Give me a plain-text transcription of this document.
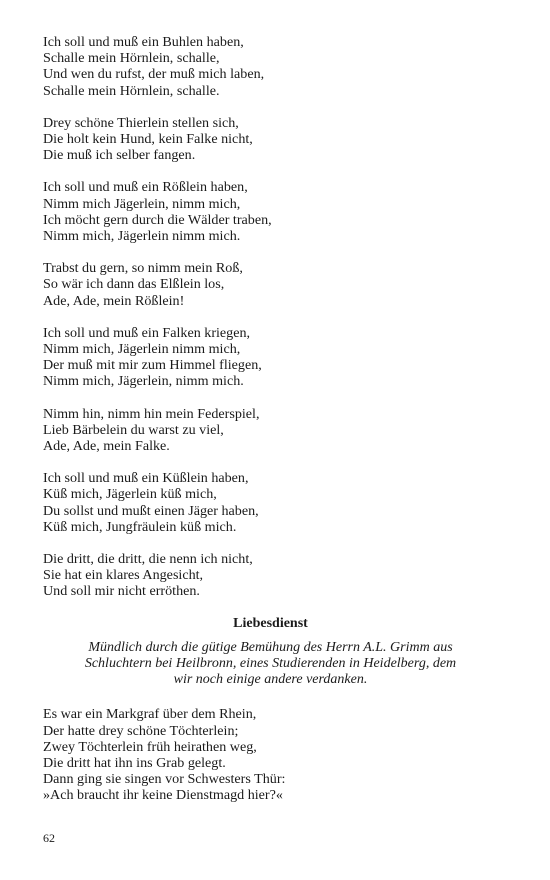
Ich soll und muß ein Buhlen haben,
Schalle mein Hörnlein, schalle,
Und wen du rufst, der muß mich laben,
Schalle mein Hörnlein, schalle.
Drey schöne Thierlein stellen sich,
Die holt kein Hund, kein Falke nicht,
Die muß ich selber fangen.
Ich soll und muß ein Rößlein haben,
Nimm mich Jägerlein, nimm mich,
Ich möcht gern durch die Wälder traben,
Nimm mich, Jägerlein nimm mich.
Trabst du gern, so nimm mein Roß,
So wär ich dann das Elßlein los,
Ade, Ade, mein Rößlein!
Ich soll und muß ein Falken kriegen,
Nimm mich, Jägerlein nimm mich,
Der muß mit mir zum Himmel fliegen,
Nimm mich, Jägerlein, nimm mich.
Nimm hin, nimm hin mein Federspiel,
Lieb Bärbelein du warst zu viel,
Ade, Ade, mein Falke.
Ich soll und muß ein Küßlein haben,
Küß mich, Jägerlein küß mich,
Du sollst und mußt einen Jäger haben,
Küß mich, Jungfräulein küß mich.
Die dritt, die dritt, die nenn ich nicht,
Sie hat ein klares Angesicht,
Und soll mir nicht erröthen.
Liebesdienst
Mündlich durch die gütige Bemühung des Herrn A.L. Grimm aus
Schluchtern bei Heilbronn, eines Studierenden in Heidelberg, dem
wir noch einige andere verdanken.
Es war ein Markgraf über dem Rhein,
Der hatte drey schöne Töchterlein;
Zwey Töchterlein früh heirathen weg,
Die dritt hat ihn ins Grab gelegt.
Dann ging sie singen vor Schwesters Thür:
»Ach braucht ihr keine Dienstmagd hier?«
62
